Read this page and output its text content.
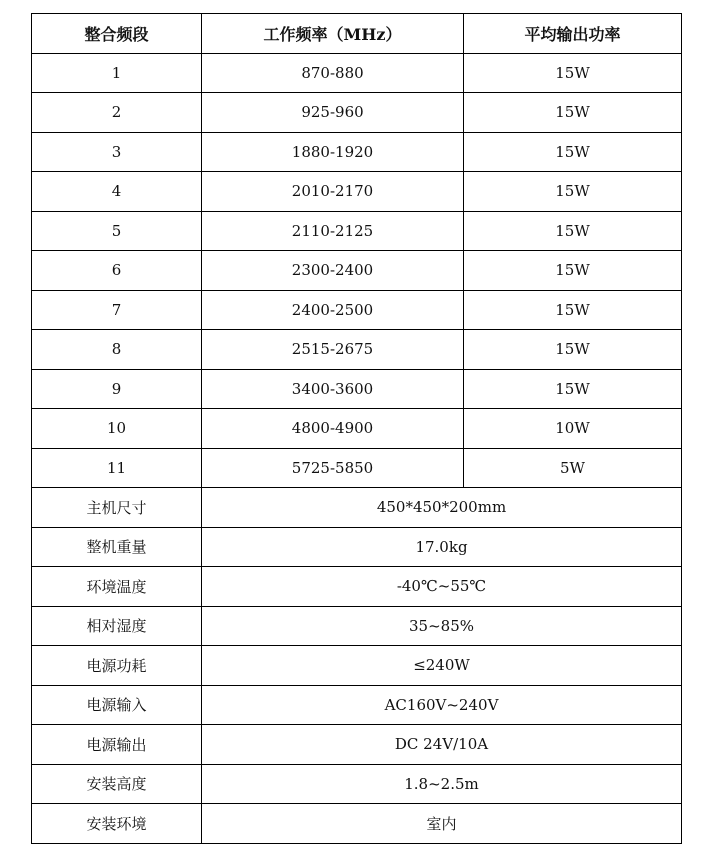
整合频段	工作频率（MHz）	平均输出功率
1	870-880	15W
2	925-960	15W
3	1880-1920	15W
4	2010-2170	15W
5	2110-2125	15W
6	2300-2400	15W
7	2400-2500	15W
8	2515-2675	15W
9	3400-3600	15W
10	4800-4900	10W
11	5725-5850	5W
主机尺寸	450*450*200mm	
整机重量	17.0kg	
环境温度	-40℃~55℃	
相对湿度	35~85%	
电源功耗	≤240W	
电源输入	AC160V~240V	
电源输出	DC 24V/10A	
安装高度	1.8~2.5m	
安装环境	室内	
